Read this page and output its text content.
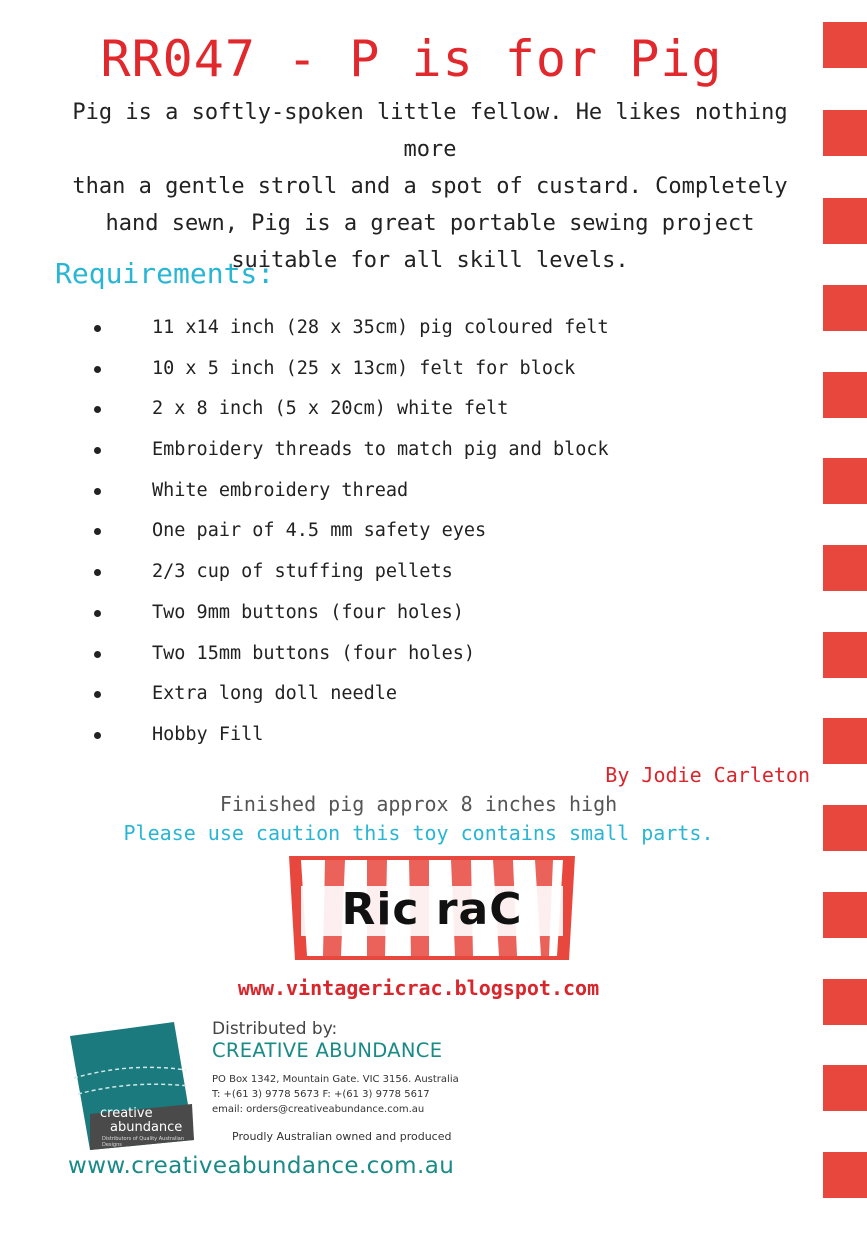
RR047 - P is for Pig
Pig is a softly-spoken little fellow. He likes nothing more
than a gentle stroll and a spot of custard. Completely
hand sewn, Pig is a great portable sewing project
suitable for all skill levels.
Requirements:
11 x14 inch (28 x 35cm) pig coloured felt
10 x 5 inch (25 x 13cm) felt for block
2 x 8 inch (5 x 20cm) white felt
Embroidery threads to match pig and block
White embroidery thread
One pair of 4.5 mm safety eyes
2/3 cup of stuffing pellets
Two 9mm buttons (four holes)
Two 15mm buttons (four holes)
Extra long doll needle
Hobby Fill
By Jodie Carleton
Finished pig approx 8 inches high
Please use caution this toy contains small parts.
Ric raC
www.vintagericrac.blogspot.com
creative
abundance
Distributors of Quality Australian Designs
Distributed by:
CREATIVE ABUNDANCE
PO Box 1342, Mountain Gate. VIC 3156. Australia
T: +(61 3) 9778 5673 F: +(61 3) 9778 5617
email: orders@creativeabundance.com.au
Proudly Australian owned and produced
www.creativeabundance.com.au
